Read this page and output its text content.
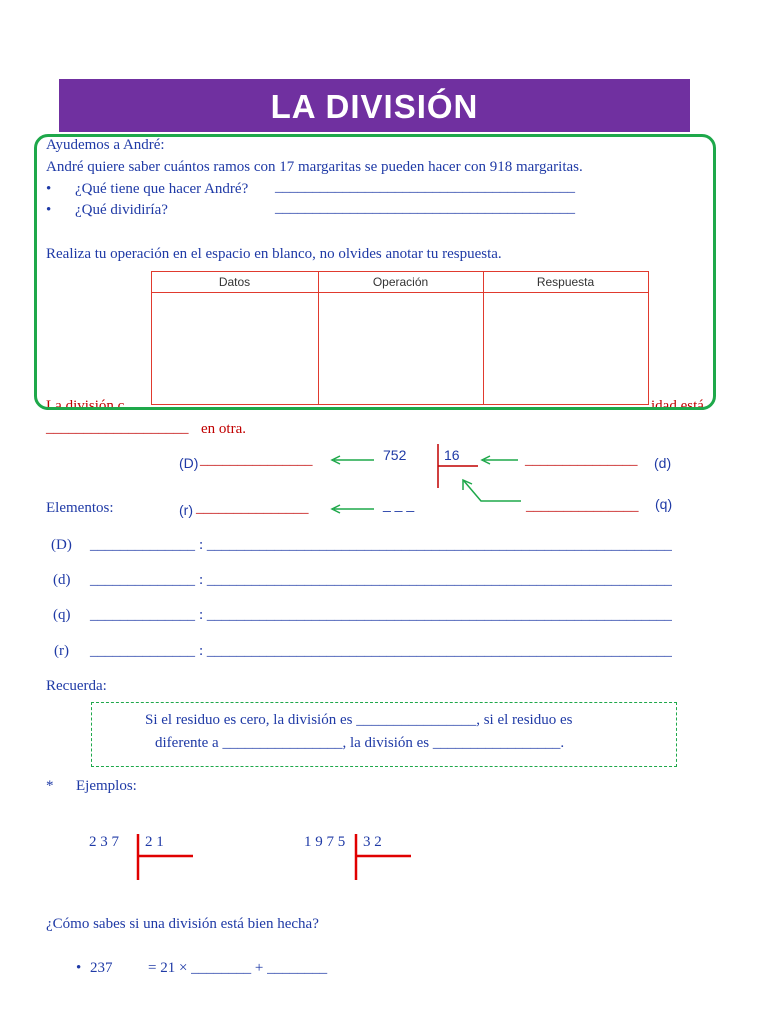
LA DIVISIÓN
La división c	idad está
___________________ en otra.
Ayudemos a André:
André quiere saber cuántos ramos con 17 margaritas se pueden hacer con 918 margaritas.
• ¿Qué tiene que hacer André? ________________________________________
• ¿Qué dividiría?	________________________________________
Realiza tu operación en el espacio en blanco, no olvides anotar tu respuesta.
Datos	Operación	Respuesta
(D) _______________	752	16	_______________ (d)
(r) _______________	_ _ _	_______________ (q)
Elementos:
(D) ______________ : ______________________________________________________________
(d) ______________ : ______________________________________________________________
(q) ______________ : ______________________________________________________________
(r) ______________ : ______________________________________________________________
Recuerda:
Si el residuo es cero, la división es ________________, si el residuo es
diferente a ________________, la división es _________________.
* Ejemplos:
2 3 7 2 1	1 9 7 5 3 2
¿Cómo sabes si una división está bien hecha?
• 237 = 21 × ________ + ________
